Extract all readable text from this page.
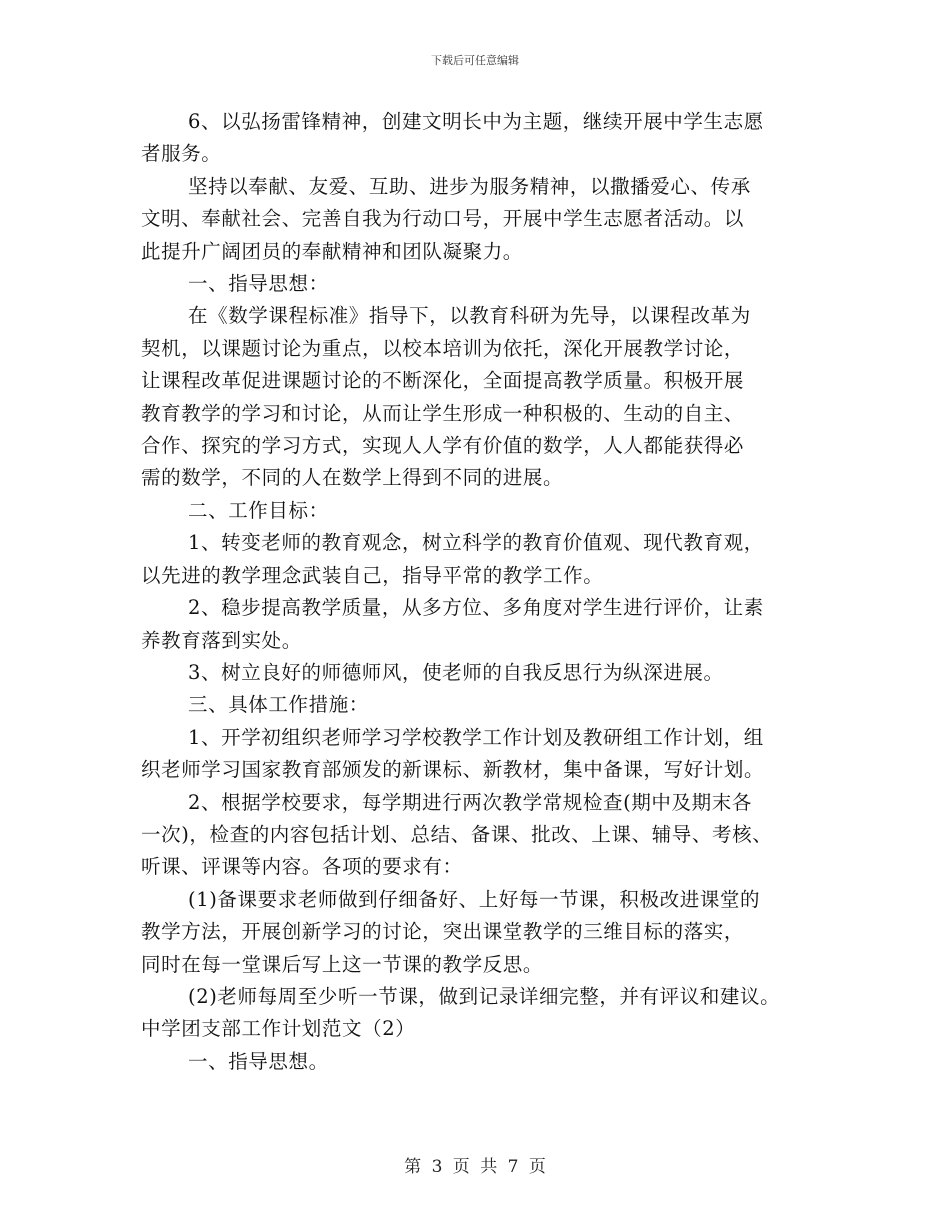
下载后可任意编辑
6、以弘扬雷锋精神，创建文明长中为主题，继续开展中学生志愿
者服务。
坚持以奉献、友爱、互助、进步为服务精神，以撒播爱心、传承
文明、奉献社会、完善自我为行动口号，开展中学生志愿者活动。以
此提升广阔团员的奉献精神和团队凝聚力。
一、指导思想：
在《数学课程标准》指导下，以教育科研为先导，以课程改革为
契机，以课题讨论为重点，以校本培训为依托，深化开展教学讨论，
让课程改革促进课题讨论的不断深化，全面提高教学质量。积极开展
教育教学的学习和讨论，从而让学生形成一种积极的、生动的自主、
合作、探究的学习方式，实现人人学有价值的数学，人人都能获得必
需的数学，不同的人在数学上得到不同的进展。
二、工作目标：
1、转变老师的教育观念，树立科学的教育价值观、现代教育观，
以先进的教学理念武装自己，指导平常的教学工作。
2、稳步提高教学质量，从多方位、多角度对学生进行评价，让素
养教育落到实处。
3、树立良好的师德师风，使老师的自我反思行为纵深进展。
三、具体工作措施：
1、开学初组织老师学习学校教学工作计划及教研组工作计划，组
织老师学习国家教育部颁发的新课标、新教材，集中备课，写好计划。
2、根据学校要求，每学期进行两次教学常规检查(期中及期末各
一次)，检查的内容包括计划、总结、备课、批改、上课、辅导、考核、
听课、评课等内容。各项的要求有：
(1)备课要求老师做到仔细备好、上好每一节课，积极改进课堂的
教学方法，开展创新学习的讨论，突出课堂教学的三维目标的落实，
同时在每一堂课后写上这一节课的教学反思。
(2)老师每周至少听一节课，做到记录详细完整，并有评议和建议。
中学团支部工作计划范文（2）
一、指导思想。
第 3 页 共 7 页
